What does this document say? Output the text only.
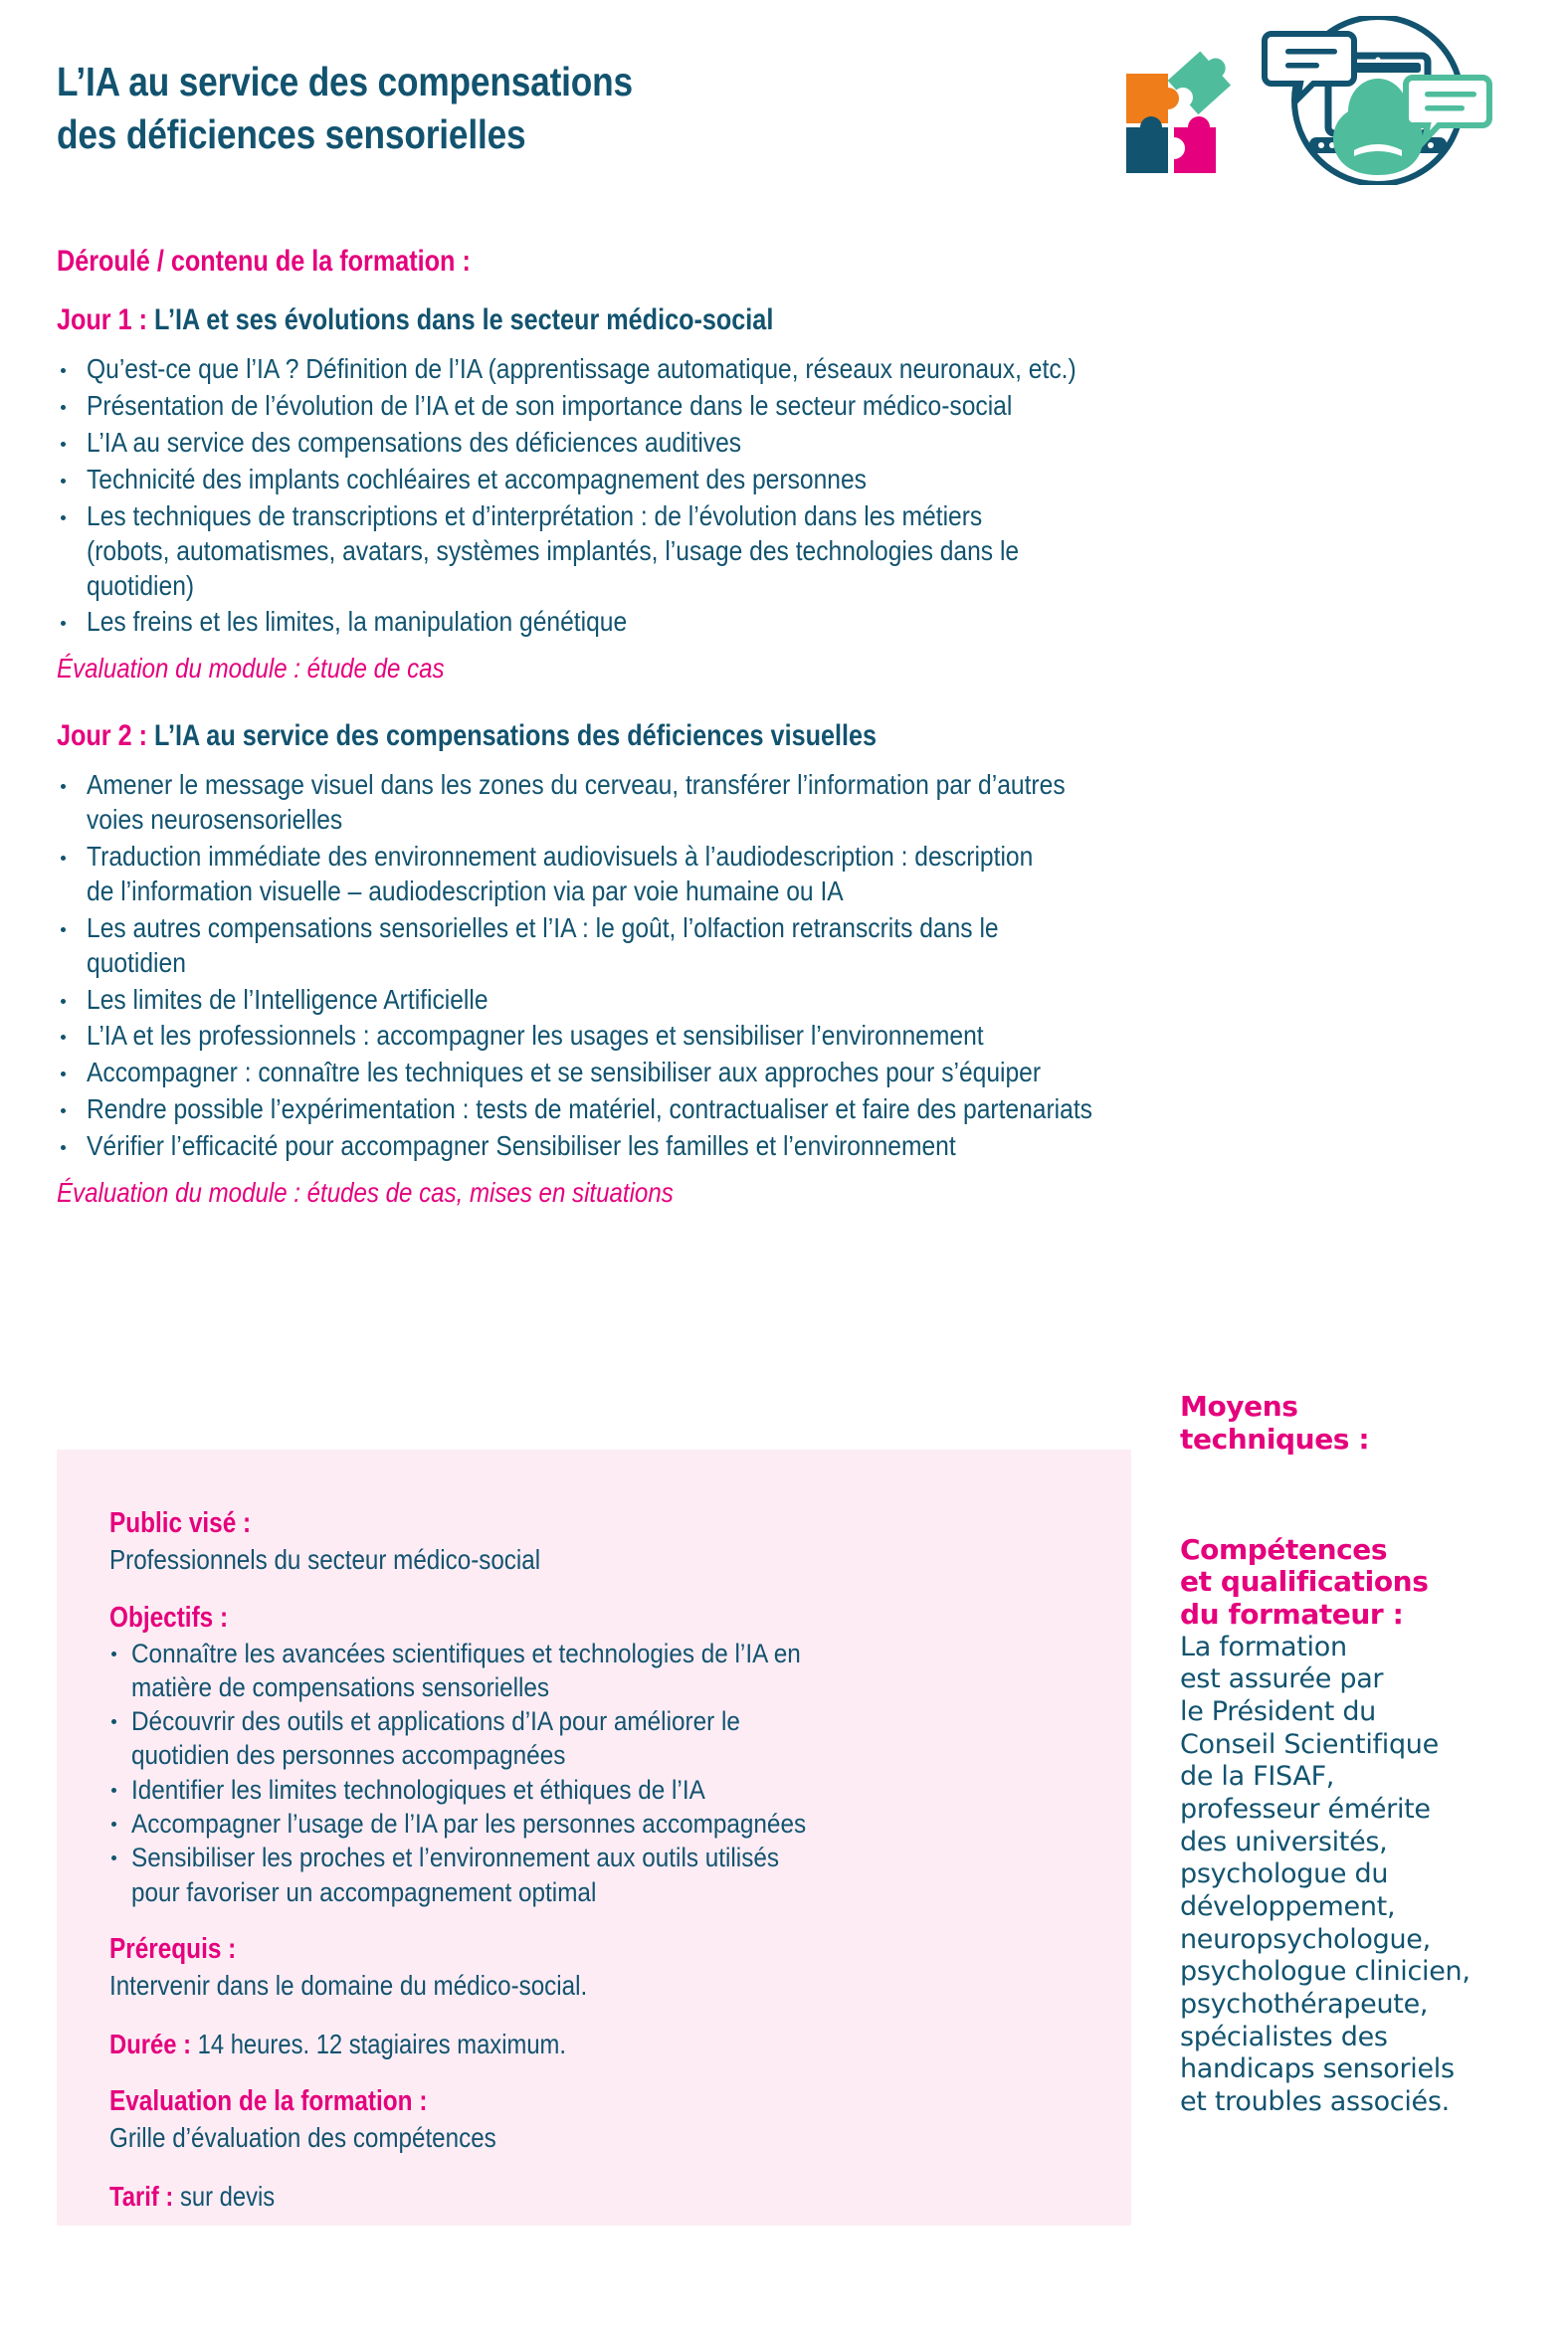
L’IA au service des compensations
des déficiences sensorielles
Déroulé / contenu de la formation :
Jour 1 : L’IA et ses évolutions dans le secteur médico-social
Qu’est-ce que l’IA ? Définition de l’IA (apprentissage automatique, réseaux neuronaux, etc.)
Présentation de l’évolution de l’IA et de son importance dans le secteur médico-social
L’IA au service des compensations des déficiences auditives
Technicité des implants cochléaires et accompagnement des personnes
Les techniques de transcriptions et d’interprétation : de l’évolution dans les métiers
(robots, automatismes, avatars, systèmes implantés, l’usage des technologies dans le
quotidien)
Les freins et les limites, la manipulation génétique
Évaluation du module : étude de cas
Jour 2 : L’IA au service des compensations des déficiences visuelles
Amener le message visuel dans les zones du cerveau, transférer l’information par d’autres
voies neurosensorielles
Traduction immédiate des environnement audiovisuels à l’audiodescription : description
de l’information visuelle – audiodescription via par voie humaine ou IA
Les autres compensations sensorielles et l’IA : le goût, l’olfaction retranscrits dans le
quotidien
Les limites de l’Intelligence Artificielle
L’IA et les professionnels : accompagner les usages et sensibiliser l’environnement
Accompagner : connaître les techniques et se sensibiliser aux approches pour s’équiper
Rendre possible l’expérimentation : tests de matériel, contractualiser et faire des partenariats
Vérifier l’efficacité pour accompagner Sensibiliser les familles et l’environnement
Évaluation du module : études de cas, mises en situations
Public visé :
Professionnels du secteur médico-social
Objectifs :
Connaître les avancées scientifiques et technologies de l’IA en
matière de compensations sensorielles
Découvrir des outils et applications d’IA pour améliorer le
quotidien des personnes accompagnées
Identifier les limites technologiques et éthiques de l’IA
Accompagner l’usage de l’IA par les personnes accompagnées
Sensibiliser les proches et l’environnement aux outils utilisés
pour favoriser un accompagnement optimal
Prérequis :
Intervenir dans le domaine du médico-social.
Durée : 14 heures. 12 stagiaires maximum.
Evaluation de la formation :
Grille d’évaluation des compétences
Tarif : sur devis
Moyens
techniques :
Compétences
et qualifications
du formateur :
La formation
est assurée par
le Président du
Conseil Scientifique
de la FISAF,
professeur émérite
des universités,
psychologue du
développement,
neuropsychologue,
psychologue clinicien,
psychothérapeute,
spécialistes des
handicaps sensoriels
et troubles associés.
